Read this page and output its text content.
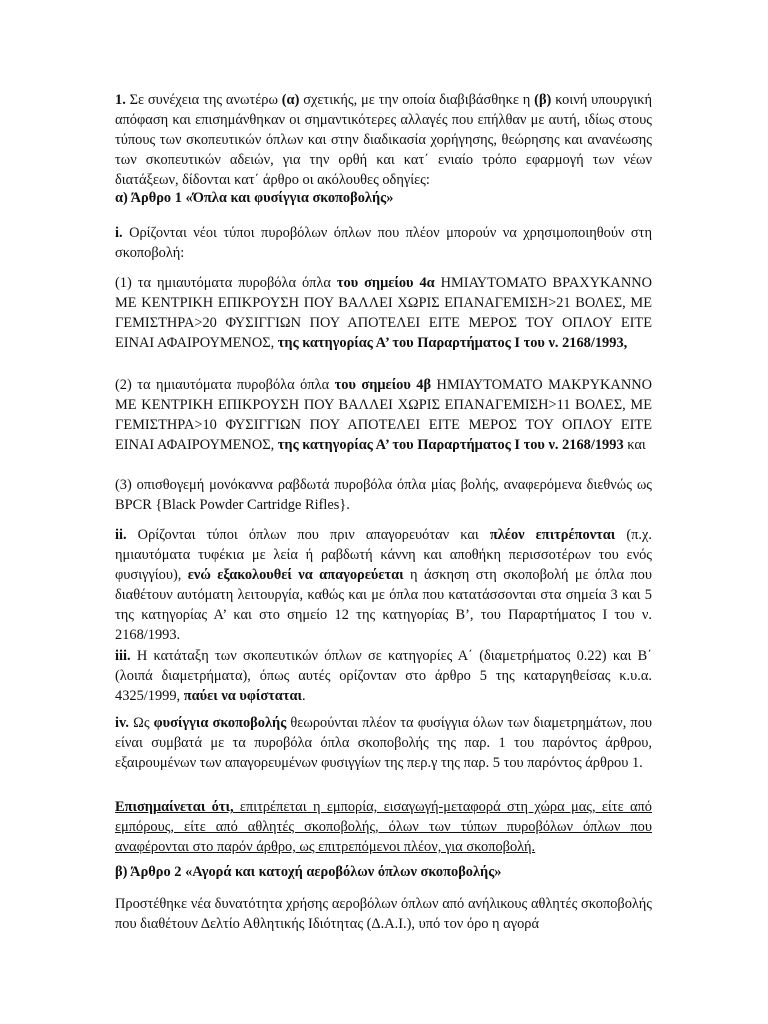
1. Σε συνέχεια της ανωτέρω (α) σχετικής, με την οποία διαβιβάσθηκε η (β) κοινή υπουργική απόφαση και επισημάνθηκαν οι σημαντικότερες αλλαγές που επήλθαν με αυτή, ιδίως στους τύπους των σκοπευτικών όπλων και στην διαδικασία χορήγησης, θεώρησης και ανανέωσης των σκοπευτικών αδειών, για την ορθή και κατ΄ ενιαίο τρόπο εφαρμογή των νέων διατάξεων, δίδονται κατ΄ άρθρο οι ακόλουθες οδηγίες:

α) Άρθρο 1 «Όπλα και φυσίγγια σκοποβολής»

i. Ορίζονται νέοι τύποι πυροβόλων όπλων που πλέον μπορούν να χρησιμοποιηθούν στη σκοποβολή:

(1) τα ημιαυτόματα πυροβόλα όπλα του σημείου 4α ΗΜΙΑΥΤΟΜΑΤΟ ΒΡΑΧΥΚΑΝΝΟ ΜΕ ΚΕΝΤΡΙΚΗ ΕΠΙΚΡΟΥΣΗ ΠΟΥ ΒΑΛΛΕΙ ΧΩΡΙΣ ΕΠΑΝΑΓΕΜΙΣΗ>21 ΒΟΛΕΣ, ΜΕ ΓΕΜΙΣΤΗΡΑ>20 ΦΥΣΙΓΓΙΩΝ ΠΟΥ ΑΠΟΤΕΛΕΙ ΕΙΤΕ ΜΕΡΟΣ ΤΟΥ ΟΠΛΟΥ ΕΙΤΕ ΕΙΝΑΙ ΑΦΑΙΡΟΥΜΕΝΟΣ, της κατηγορίας Α’ του Παραρτήματος Ι του ν. 2168/1993,

(2) τα ημιαυτόματα πυροβόλα όπλα του σημείου 4β ΗΜΙΑΥΤΟΜΑΤΟ ΜΑΚΡΥΚΑΝΝΟ ΜΕ ΚΕΝΤΡΙΚΗ ΕΠΙΚΡΟΥΣΗ ΠΟΥ ΒΑΛΛΕΙ ΧΩΡΙΣ ΕΠΑΝΑΓΕΜΙΣΗ>11 ΒΟΛΕΣ, ΜΕ ΓΕΜΙΣΤΗΡΑ>10 ΦΥΣΙΓΓΙΩΝ ΠΟΥ ΑΠΟΤΕΛΕΙ ΕΙΤΕ ΜΕΡΟΣ ΤΟΥ ΟΠΛΟΥ ΕΙΤΕ ΕΙΝΑΙ ΑΦΑΙΡΟΥΜΕΝΟΣ, της κατηγορίας Α’ του Παραρτήματος Ι του ν. 2168/1993 και

(3) οπισθογεμή μονόκαννα ραβδωτά πυροβόλα όπλα μίας βολής, αναφερόμενα διεθνώς ως BPCR {Black Powder Cartridge Rifles}.

ii. Ορίζονται τύποι όπλων που πριν απαγορευόταν και πλέον επιτρέπονται (π.χ. ημιαυτόματα τυφέκια με λεία ή ραβδωτή κάννη και αποθήκη περισσοτέρων του ενός φυσιγγίου), ενώ εξακολουθεί να απαγορεύεται η άσκηση στη σκοποβολή με όπλα που διαθέτουν αυτόματη λειτουργία, καθώς και με όπλα που κατατάσσονται στα σημεία 3 και 5 της κατηγορίας Α’ και στο σημείο 12 της κατηγορίας Β’, του Παραρτήματος Ι του ν. 2168/1993.

iii. Η κατάταξη των σκοπευτικών όπλων σε κατηγορίες Α΄ (διαμετρήματος 0.22) και Β΄ (λοιπά διαμετρήματα), όπως αυτές ορίζονταν στο άρθρο 5 της καταργηθείσας κ.υ.α. 4325/1999, παύει να υφίσταται.

iv. Ως φυσίγγια σκοποβολής θεωρούνται πλέον τα φυσίγγια όλων των διαμετρημάτων, που είναι συμβατά με τα πυροβόλα όπλα σκοποβολής της παρ. 1 του παρόντος άρθρου, εξαιρουμένων των απαγορευμένων φυσιγγίων της περ.γ της παρ. 5 του παρόντος άρθρου 1.

Επισημαίνεται ότι, επιτρέπεται η εμπορία, εισαγωγή-μεταφορά στη χώρα μας, είτε από εμπόρους, είτε από αθλητές σκοποβολής, όλων των τύπων πυροβόλων όπλων που αναφέρονται στο παρόν άρθρο, ως επιτρεπόμενοι πλέον, για σκοποβολή.

β) Άρθρο 2 «Αγορά και κατοχή αεροβόλων όπλων σκοποβολής»

Προστέθηκε νέα δυνατότητα χρήσης αεροβόλων όπλων από ανήλικους αθλητές σκοποβολής που διαθέτουν Δελτίο Αθλητικής Ιδιότητας (Δ.Α.Ι.), υπό τον όρο η αγορά
